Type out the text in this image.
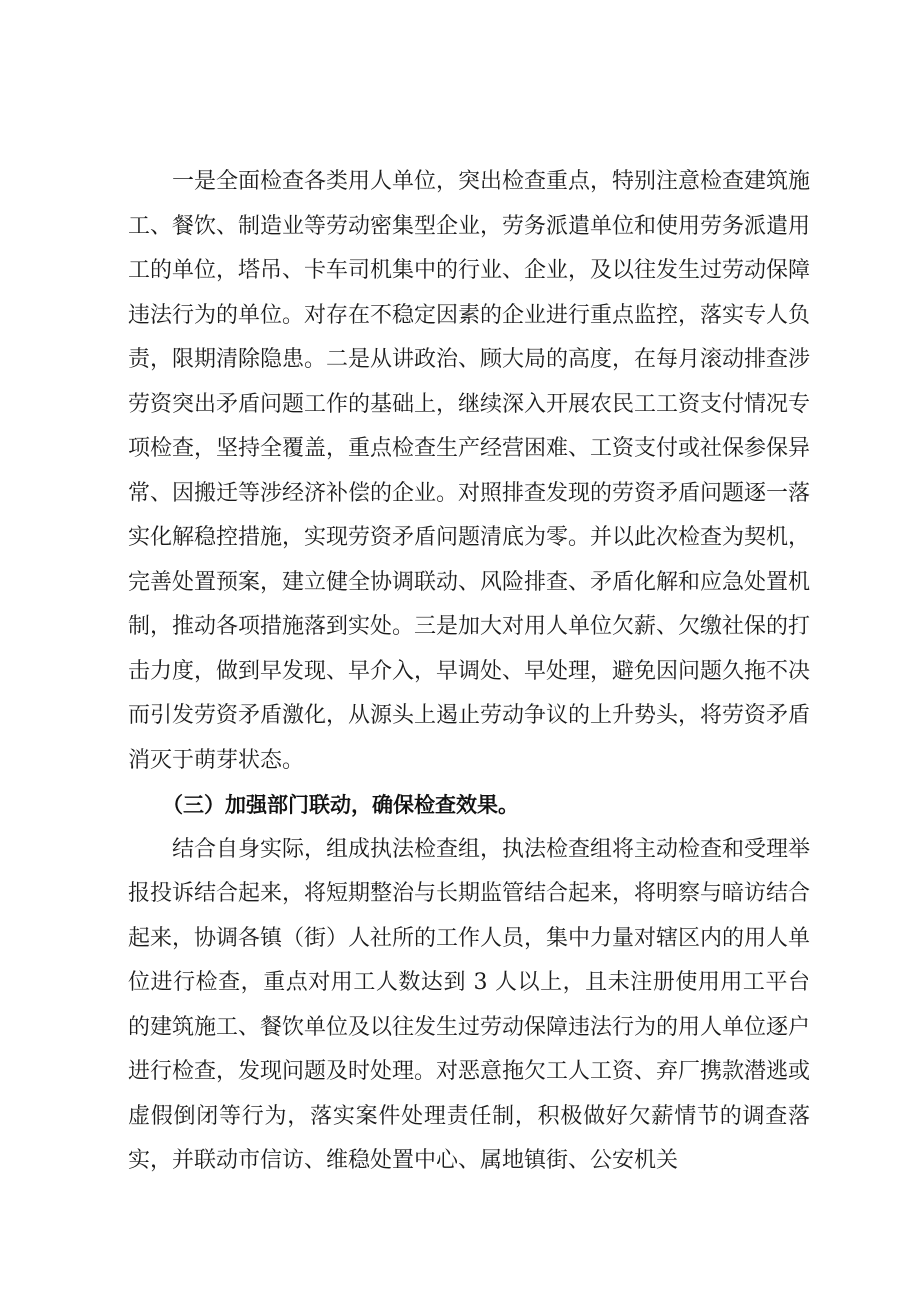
一是全面检查各类用人单位，突出检查重点，特别注意检查建筑施工、餐饮、制造业等劳动密集型企业，劳务派遣单位和使用劳务派遣用工的单位，塔吊、卡车司机集中的行业、企业，及以往发生过劳动保障违法行为的单位。对存在不稳定因素的企业进行重点监控，落实专人负责，限期清除隐患。二是从讲政治、顾大局的高度，在每月滚动排查涉劳资突出矛盾问题工作的基础上，继续深入开展农民工工资支付情况专项检查，坚持全覆盖，重点检查生产经营困难、工资支付或社保参保异常、因搬迁等涉经济补偿的企业。对照排查发现的劳资矛盾问题逐一落实化解稳控措施，实现劳资矛盾问题清底为零。并以此次检查为契机，完善处置预案，建立健全协调联动、风险排查、矛盾化解和应急处置机制，推动各项措施落到实处。三是加大对用人单位欠薪、欠缴社保的打击力度，做到早发现、早介入，早调处、早处理，避免因问题久拖不决而引发劳资矛盾激化，从源头上遏止劳动争议的上升势头，将劳资矛盾消灭于萌芽状态。

（三）加强部门联动，确保检查效果。

结合自身实际，组成执法检查组，执法检查组将主动检查和受理举报投诉结合起来，将短期整治与长期监管结合起来，将明察与暗访结合起来，协调各镇（街）人社所的工作人员，集中力量对辖区内的用人单位进行检查，重点对用工人数达到 3 人以上，且未注册使用用工平台的建筑施工、餐饮单位及以往发生过劳动保障违法行为的用人单位逐户进行检查，发现问题及时处理。对恶意拖欠工人工资、弃厂携款潜逃或虚假倒闭等行为，落实案件处理责任制，积极做好欠薪情节的调查落实，并联动市信访、维稳处置中心、属地镇街、公安机关
